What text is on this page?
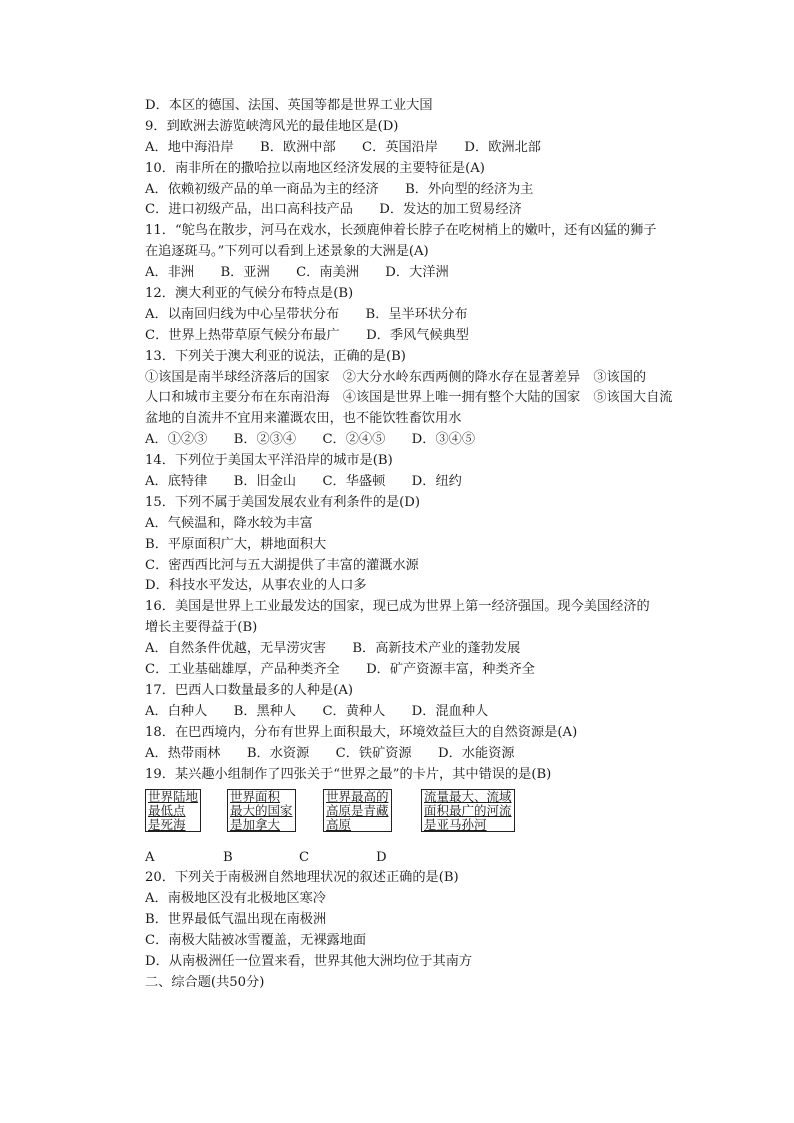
D．本区的德国、法国、英国等都是世界工业大国
9．到欧洲去游览峡湾风光的最佳地区是(D)
A．地中海沿岸　　B．欧洲中部　　C．英国沿岸　　D．欧洲北部
10．南非所在的撒哈拉以南地区经济发展的主要特征是(A)
A．依赖初级产品的单一商品为主的经济　　B．外向型的经济为主
C．进口初级产品，出口高科技产品　　D．发达的加工贸易经济
11．“鸵鸟在散步，河马在戏水，长颈鹿伸着长脖子在吃树梢上的嫩叶，还有凶猛的狮子
在追逐斑马。”下列可以看到上述景象的大洲是(A)
A．非洲　　B．亚洲　　C．南美洲　　D．大洋洲
12．澳大利亚的气候分布特点是(B)
A．以南回归线为中心呈带状分布　　B．呈半环状分布
C．世界上热带草原气候分布最广　　D．季风气候典型
13．下列关于澳大利亚的说法，正确的是(B)
①该国是南半球经济落后的国家　②大分水岭东西两侧的降水存在显著差异　③该国的
人口和城市主要分布在东南沿海　④该国是世界上唯一拥有整个大陆的国家　⑤该国大自流
盆地的自流井不宜用来灌溉农田，也不能饮牲畜饮用水
A．①②③　　B．②③④　　C．②④⑤　　D．③④⑤
14．下列位于美国太平洋沿岸的城市是(B)
A．底特律　　B．旧金山　　C．华盛顿　　D．纽约
15．下列不属于美国发展农业有利条件的是(D)
A．气候温和，降水较为丰富
B．平原面积广大，耕地面积大
C．密西西比河与五大湖提供了丰富的灌溉水源
D．科技水平发达，从事农业的人口多
16．美国是世界上工业最发达的国家，现已成为世界上第一经济强国。现今美国经济的
增长主要得益于(B)
A．自然条件优越，无旱涝灾害　　B．高新技术产业的蓬勃发展
C．工业基础雄厚，产品种类齐全　　D．矿产资源丰富，种类齐全
17．巴西人口数量最多的人种是(A)
A．白种人　　B．黑种人　　C．黄种人　　D．混血种人
18．在巴西境内，分布有世界上面积最大，环境效益巨大的自然资源是(A)
A．热带雨林　　B．水资源　　C．铁矿资源　　D．水能资源
19．某兴趣小组制作了四张关于“世界之最”的卡片，其中错误的是(B)
世界陆地
最低点
是死海
世界面积
最大的国家
是加拿大
世界最高的
高原是青藏
高原
流量最大、流域
面积最广的河流
是亚马孙河
A	B	C	D
20．下列关于南极洲自然地理状况的叙述正确的是(B)
A．南极地区没有北极地区寒冷
B．世界最低气温出现在南极洲
C．南极大陆被冰雪覆盖，无裸露地面
D．从南极洲任一位置来看，世界其他大洲均位于其南方
二、综合题(共50分)
